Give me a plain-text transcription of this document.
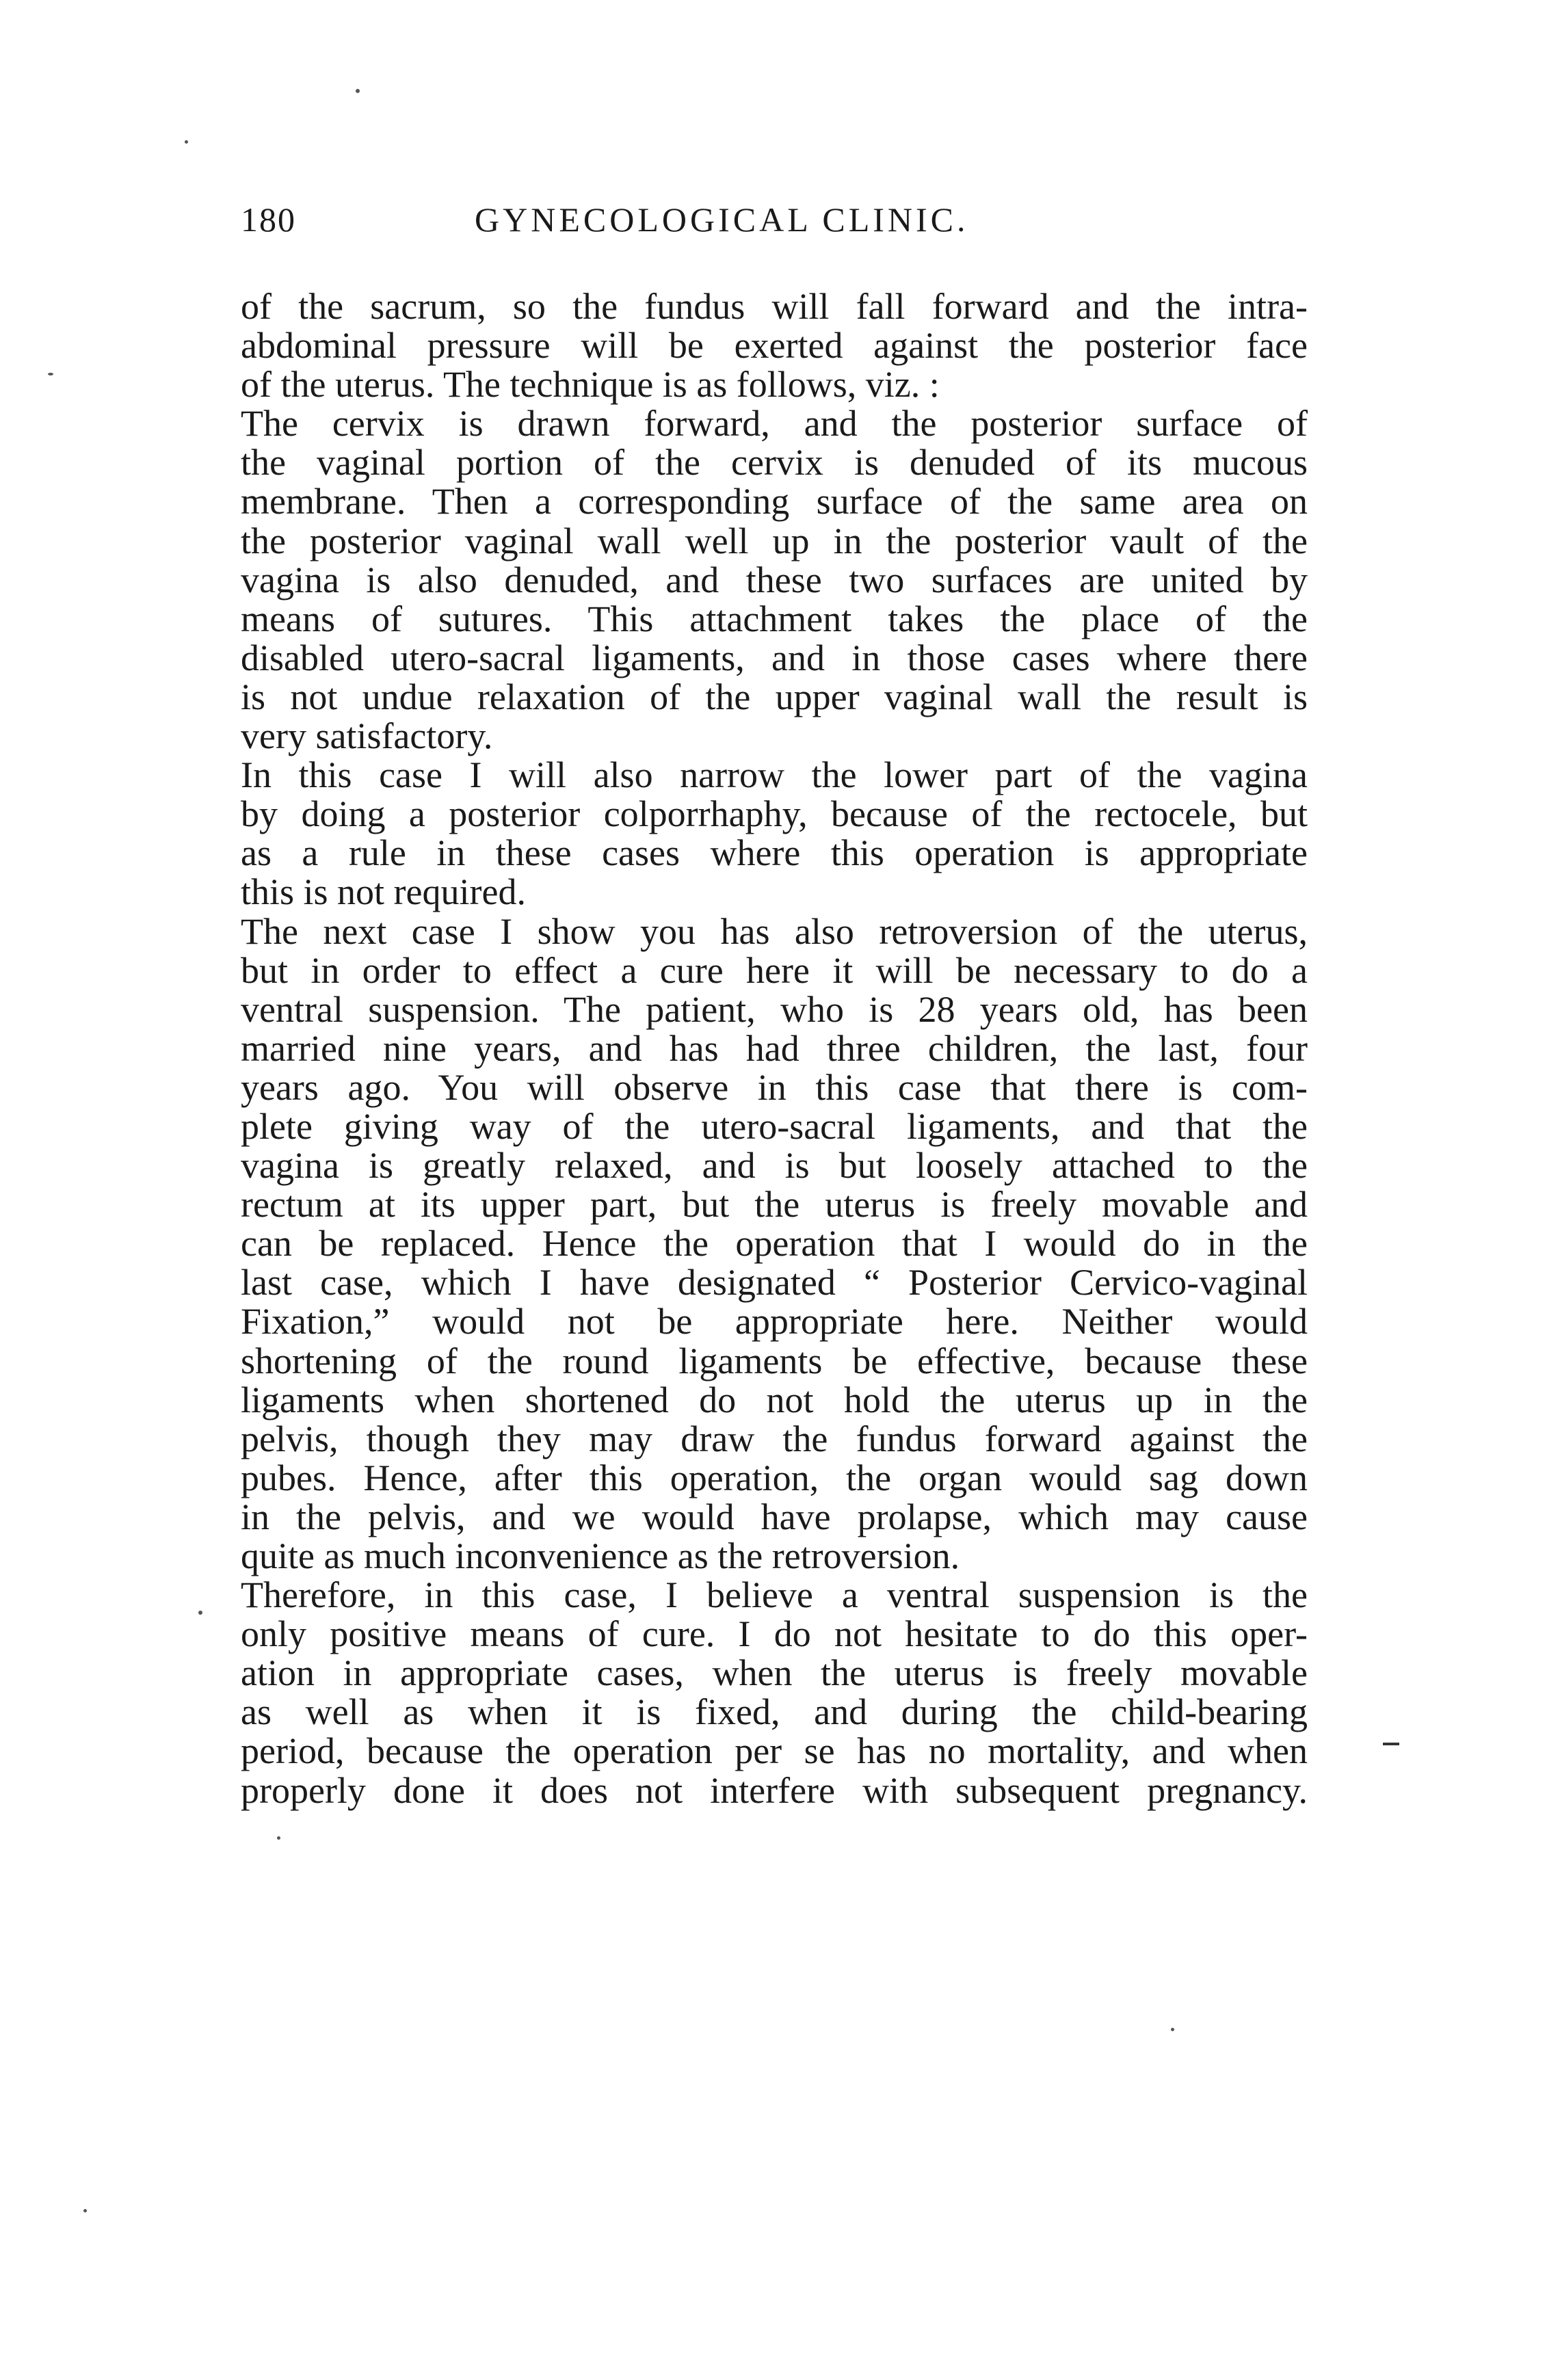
180	GYNECOLOGICAL CLINIC.
of the sacrum, so the fundus will fall forward and the intra-
abdominal pressure will be exerted against the posterior face
of the uterus. The technique is as follows, viz. :
The cervix is drawn forward, and the posterior surface of
the vaginal portion of the cervix is denuded of its mucous
membrane. Then a corresponding surface of the same area on
the posterior vaginal wall well up in the posterior vault of the
vagina is also denuded, and these two surfaces are united by
means of sutures. This attachment takes the place of the
disabled utero-sacral ligaments, and in those cases where there
is not undue relaxation of the upper vaginal wall the result is
very satisfactory.
In this case I will also narrow the lower part of the vagina
by doing a posterior colporrhaphy, because of the rectocele, but
as a rule in these cases where this operation is appropriate
this is not required.
The next case I show you has also retroversion of the uterus,
but in order to effect a cure here it will be necessary to do a
ventral suspension. The patient, who is 28 years old, has been
married nine years, and has had three children, the last, four
years ago. You will observe in this case that there is com-
plete giving way of the utero-sacral ligaments, and that the
vagina is greatly relaxed, and is but loosely attached to the
rectum at its upper part, but the uterus is freely movable and
can be replaced. Hence the operation that I would do in the
last case, which I have designated “ Posterior Cervico-vaginal
Fixation,” would not be appropriate here. Neither would
shortening of the round ligaments be effective, because these
ligaments when shortened do not hold the uterus up in the
pelvis, though they may draw the fundus forward against the
pubes. Hence, after this operation, the organ would sag down
in the pelvis, and we would have prolapse, which may cause
quite as much inconvenience as the retroversion.
Therefore, in this case, I believe a ventral suspension is the
only positive means of cure. I do not hesitate to do this oper-
ation in appropriate cases, when the uterus is freely movable
as well as when it is fixed, and during the child-bearing
period, because the operation per se has no mortality, and when
properly done it does not interfere with subsequent pregnancy.
